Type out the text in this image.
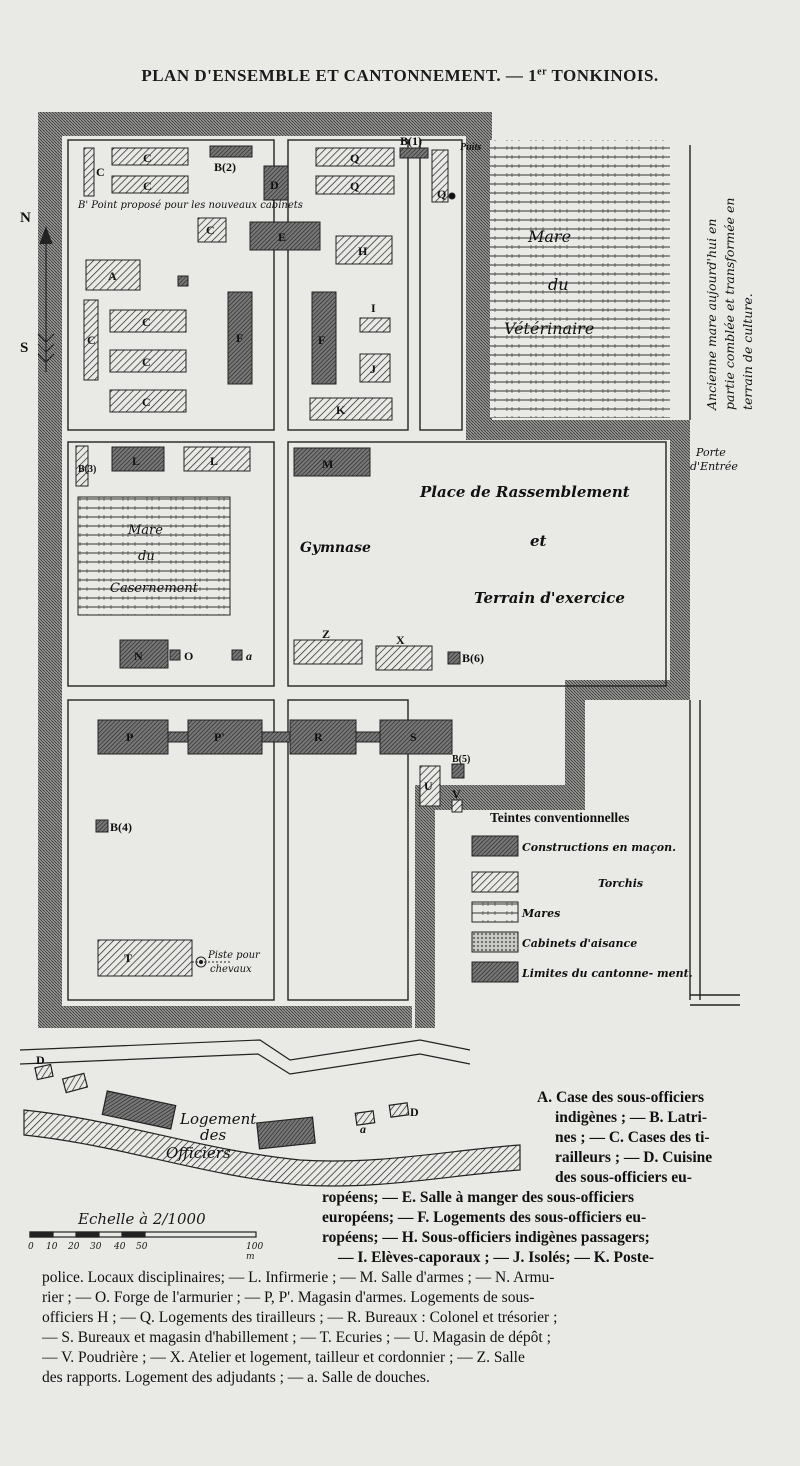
PLAN D'ENSEMBLE ET CANTONNEMENT. — 1er TONKINOIS.
C
C
C
B(2)
D
B(1)
Q
Q
Q
C
A
E
H
C
C
C
C
F	F
I
J
K
L	L	M
B(3)
N	O	a
Z	X
B(6)
P	P'	R	S
B(5)
U
V
B(4)
T
D
a
D
Puits
N
S
B' Point proposé pour les nouveaux cabinets
Mare
du
Vétérinaire	Ancienne mare aujourd'hui en partie comblée et transformée en terrain de culture.
Porte
d'Entrée
Mare
du
Casernement
Place de Rassemblement
et
Gymnase
Terrain d'exercice
Piste pour
chevaux
Logement
des
Officiers
Teintes conventionnelles
Constructions en maçon.
Torchis
Mares
Cabinets d'aisance
Limites du cantonne- ment.
Echelle à 2/1000
0 10 20 30 40 50	100 m
A. Case des sous-officiers
indigènes ; — B. Latri-
nes ; — C. Cases des ti-
railleurs ; — D. Cuisine
des sous-officiers eu-
ropéens; — E. Salle à manger des sous-officiers
européens; — F. Logements des sous-officiers eu-
ropéens; — H. Sous-officiers indigènes passagers;
— I. Elèves-caporaux ; — J. Isolés; — K. Poste-
police. Locaux disciplinaires; — L. Infirmerie ; — M. Salle d'armes ; — N. Armu-
rier ; — O. Forge de l'armurier ; — P, P'. Magasin d'armes. Logements de sous-
officiers H ; — Q. Logements des tirailleurs ; — R. Bureaux : Colonel et trésorier ;
— S. Bureaux et magasin d'habillement ; — T. Ecuries ; — U. Magasin de dépôt ;
— V. Poudrière ; — X. Atelier et logement, tailleur et cordonnier ; — Z. Salle
des rapports. Logement des adjudants ; — a. Salle de douches.
